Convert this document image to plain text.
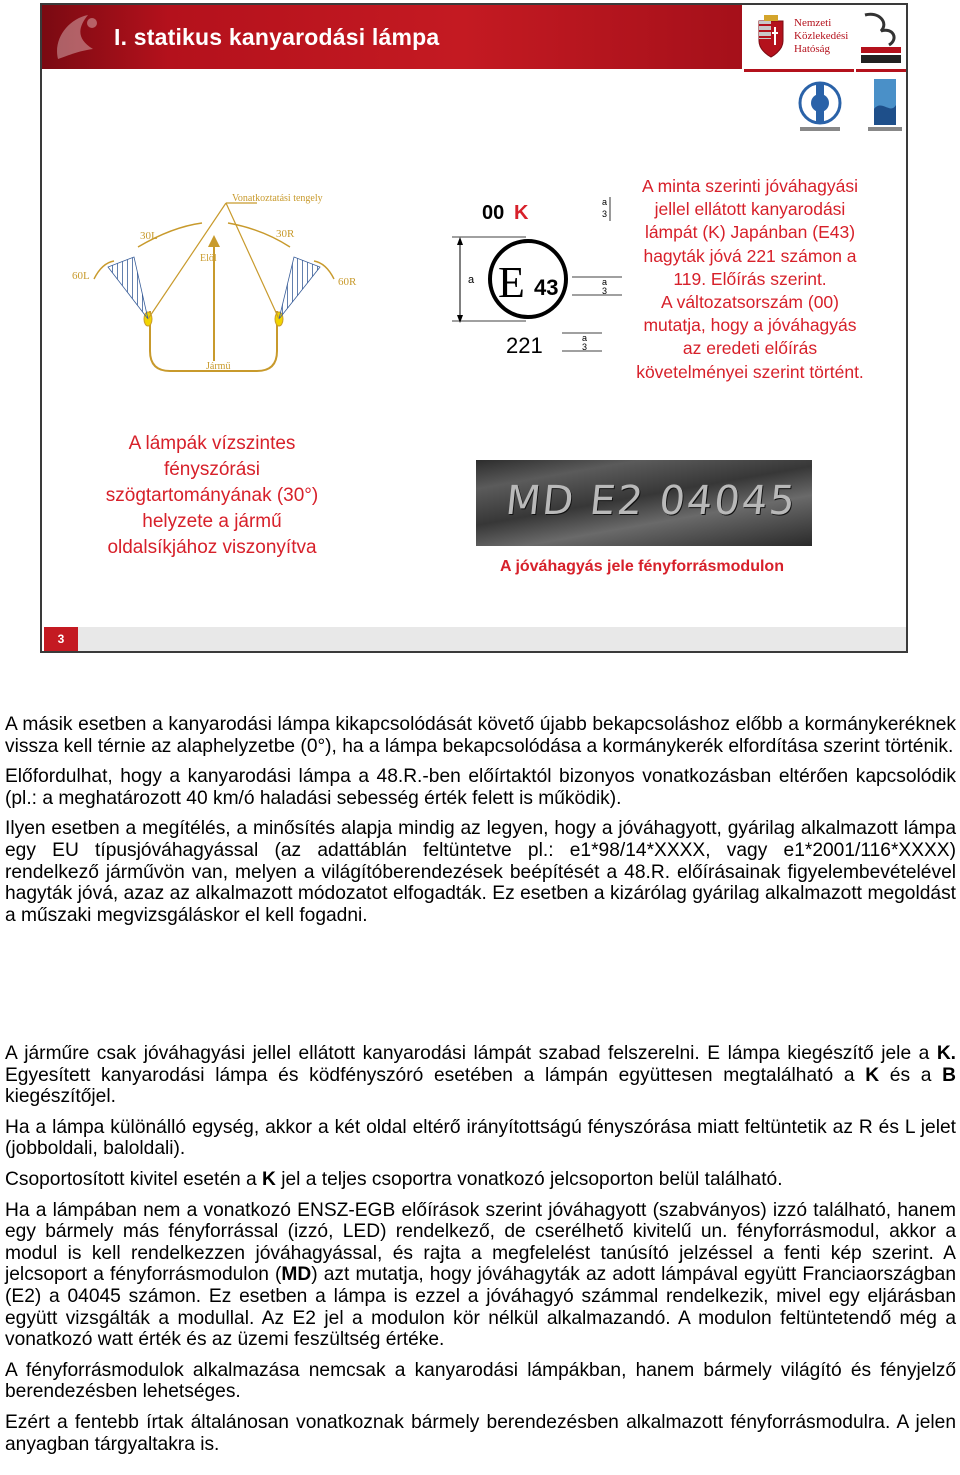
I. statikus kanyarodási lámpa
Nemzeti
Közlekedési
Hatóság
Vonatkoztatási tengely
30L	30R
60L	60R
Elöl
Jármű
00 K
E 43
221
a
a
3
a
3
a
3
A minta szerinti jóváhagyási
jellel ellátott kanyarodási
lámpát (K) Japánban (E43)
hagyták jóvá 221 számon a
119. Előírás szerint.
A változatsorszám (00)
mutatja, hogy a jóváhagyás
az eredeti előírás
követelményei szerint történt.
A lámpák vízszintes
fényszórási
szögtartományának (30°)
helyzete a jármű
oldalsíkjához viszonyítva
MD E2 04045
A jóváhagyás jele fényforrásmodulon
3

A másik esetben a kanyarodási lámpa kikapcsolódását követő újabb bekapcsoláshoz előbb a kormánykeréknek vissza kell térnie az alaphelyzetbe (0°), ha a lámpa bekapcsolódása a kormánykerék elfordítása szerint történik.

Előfordulhat, hogy a kanyarodási lámpa a 48.R.-ben előírtaktól bizonyos vonatkozásban eltérően kapcsolódik (pl.: a meghatározott 40 km/ó haladási sebesség érték felett is működik).

Ilyen esetben a megítélés, a minősítés alapja mindig az legyen, hogy a jóváhagyott, gyárilag alkalmazott lámpa egy EU típusjóváhagyással (az adattáblán feltüntetve pl.: e1*98/14*XXXX, vagy e1*2001/116*XXXX) rendelkező járművön van, melyen a világítóberendezések beépítését a 48.R. előírásainak figyelembevételével hagyták jóvá, azaz az alkalmazott módozatot elfogadták. Ez esetben a kizárólag gyárilag alkalmazott megoldást a műszaki megvizsgáláskor el kell fogadni.

A járműre csak jóváhagyási jellel ellátott kanyarodási lámpát szabad felszerelni. E lámpa kiegészítő jele a K. Egyesített kanyarodási lámpa és ködfényszóró esetében a lámpán együttesen megtalálható a K és a B kiegészítőjel.

Ha a lámpa különálló egység, akkor a két oldal eltérő irányítottságú fényszórása miatt feltüntetik az R és L jelet (jobboldali, baloldali).

Csoportosított kivitel esetén a K jel a teljes csoportra vonatkozó jelcsoporton belül található.

Ha a lámpában nem a vonatkozó ENSZ-EGB előírások szerint jóváhagyott (szabványos) izzó található, hanem egy bármely más fényforrással (izzó, LED) rendelkező, de cserélhető kivitelű un. fényforrásmodul, akkor a modul is kell rendelkezzen jóváhagyással, és rajta a megfelelést tanúsító jelzéssel a fenti kép szerint. A jelcsoport a fényforrásmodulon (MD) azt mutatja, hogy jóváhagyták az adott lámpával együtt Franciaországban (E2) a 04045 számon. Ez esetben a lámpa is ezzel a jóváhagyó számmal rendelkezik, mivel egy eljárásban együtt vizsgálták a modullal. Az E2 jel a modulon kör nélkül alkalmazandó. A modulon feltüntetendő még a vonatkozó watt érték és az üzemi feszültség értéke.

A fényforrásmodulok alkalmazása nemcsak a kanyarodási lámpákban, hanem bármely világító és fényjelző berendezésben lehetséges.

Ezért a fentebb írtak általánosan vonatkoznak bármely berendezésben alkalmazott fényforrásmodulra. A jelen anyagban tárgyaltakra is.
